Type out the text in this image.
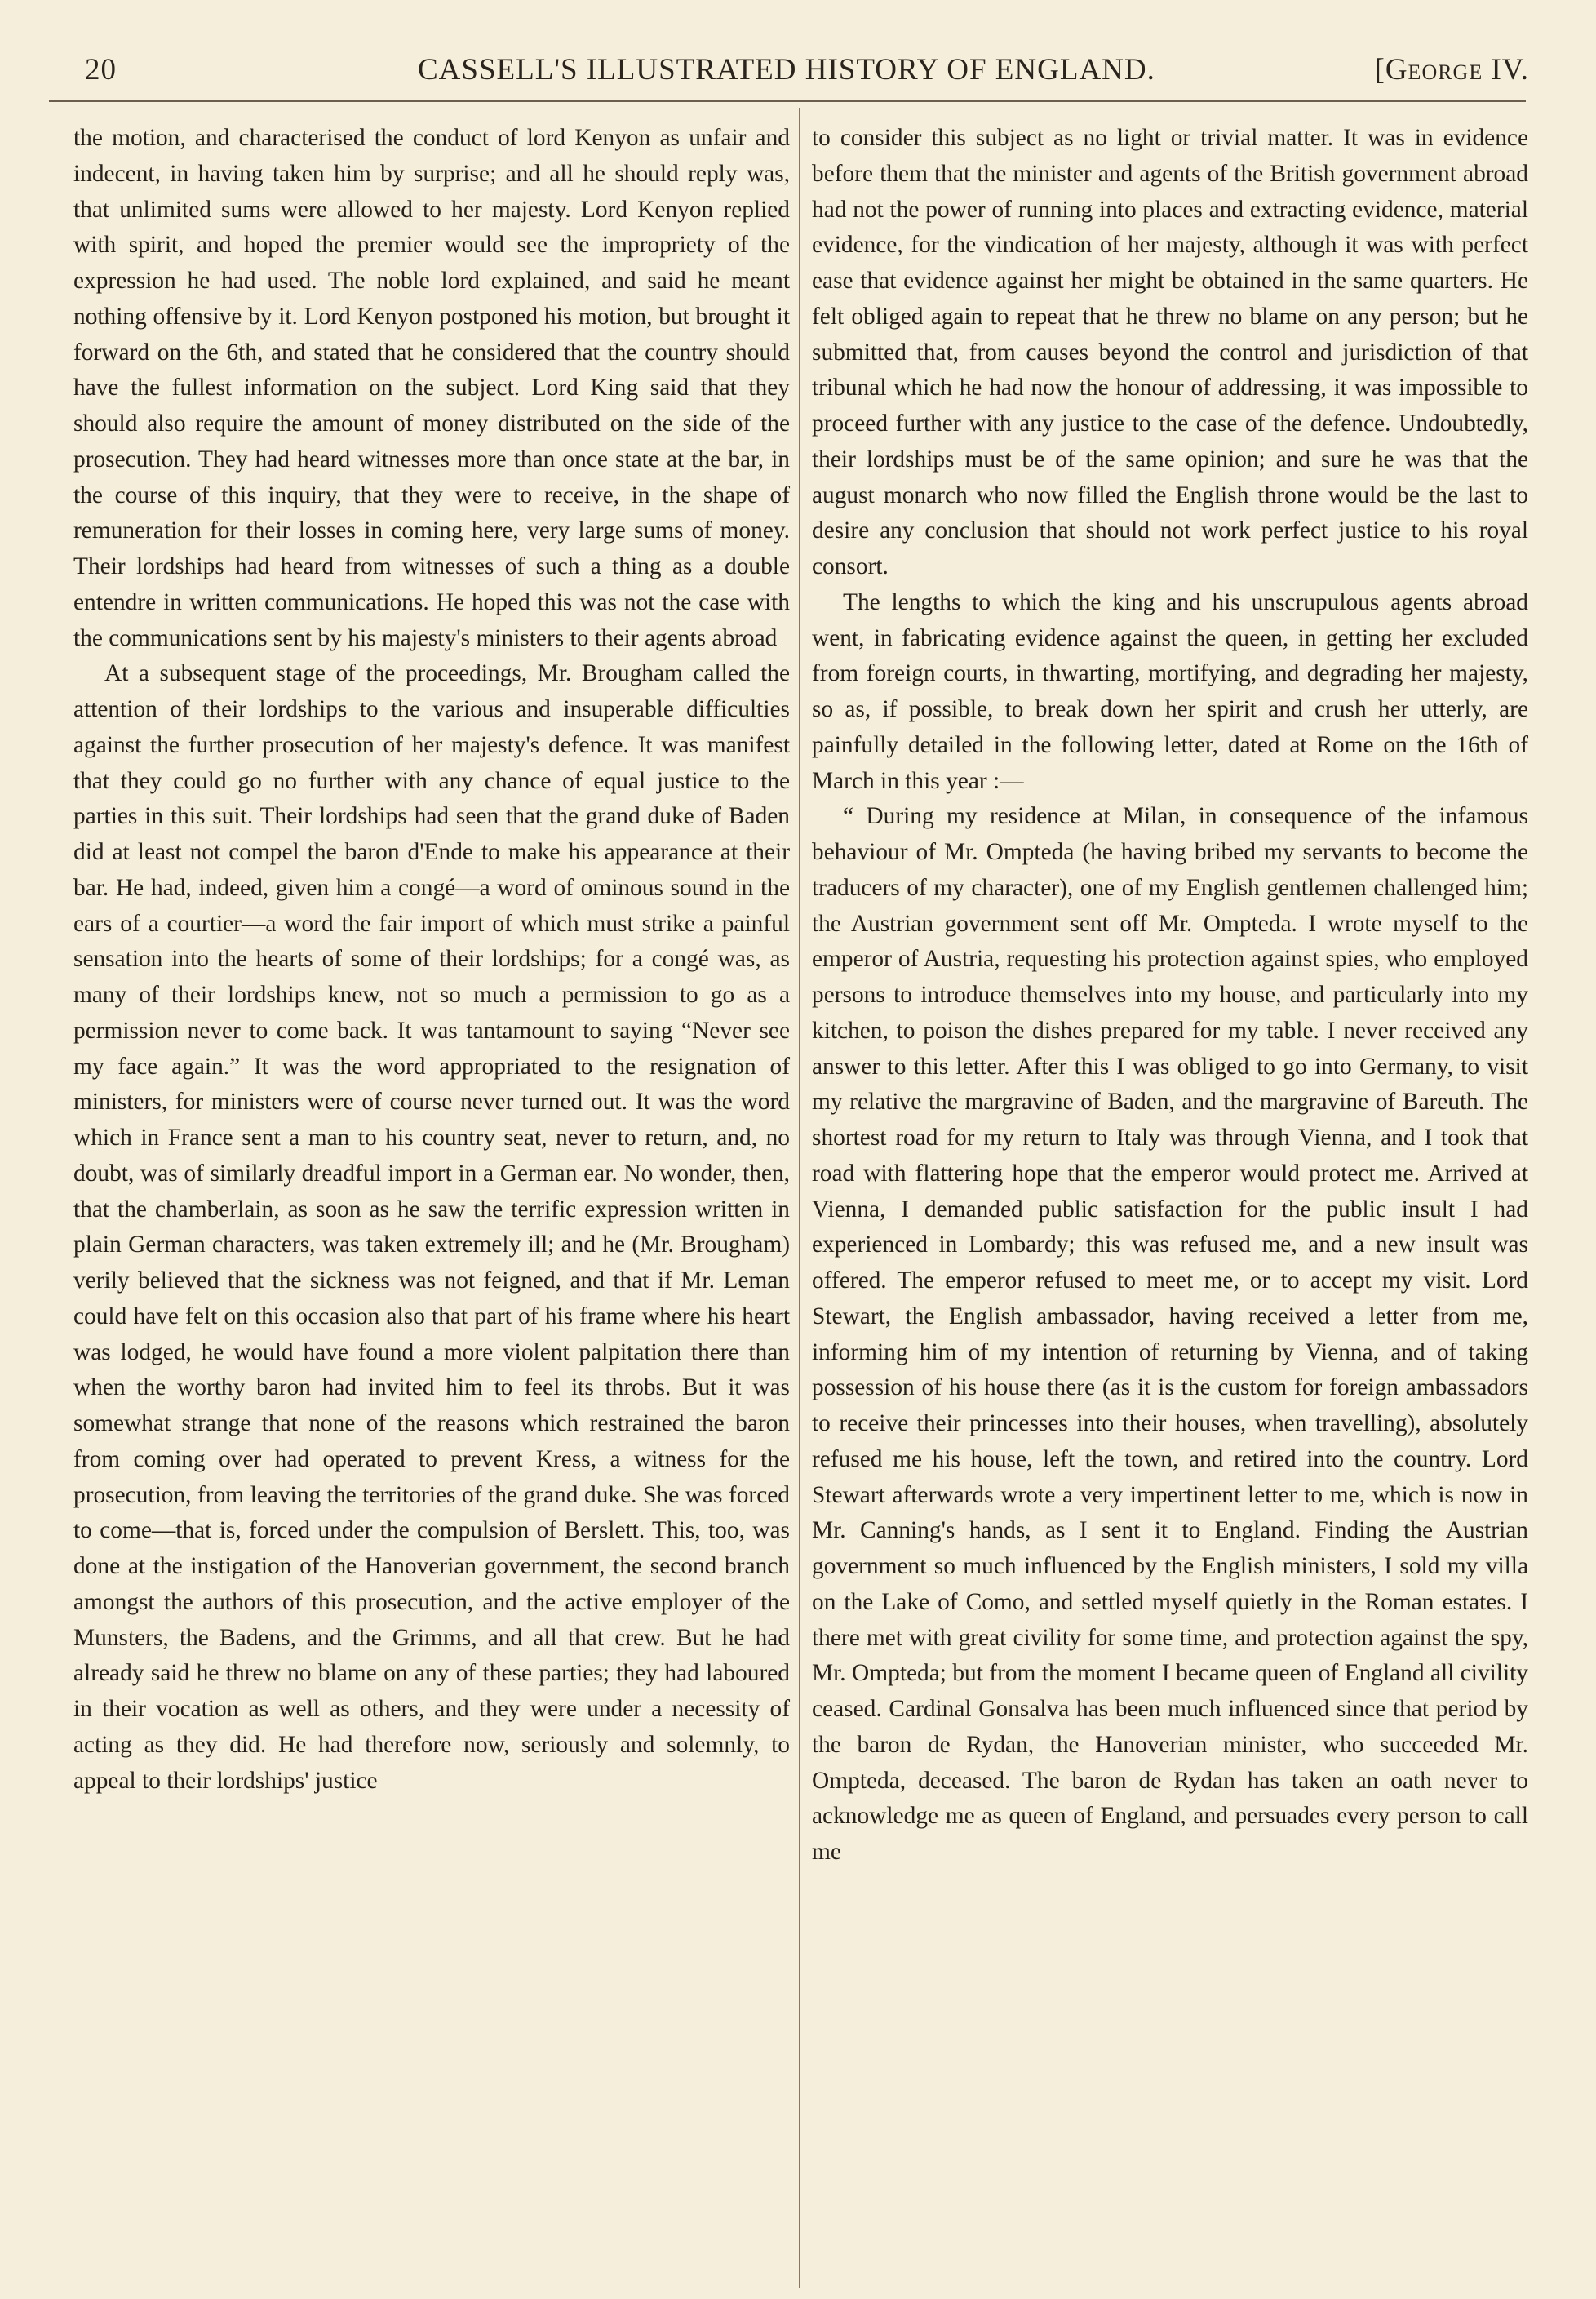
20	CASSELL'S ILLUSTRATED HISTORY OF ENGLAND.	[George IV.

the motion, and characterised the conduct of lord Kenyon as unfair and indecent, in having taken him by surprise; and all he should reply was, that unlimited sums were allowed to her majesty. Lord Kenyon replied with spirit, and hoped the premier would see the impropriety of the expression he had used. The noble lord explained, and said he meant nothing offensive by it. Lord Kenyon postponed his motion, but brought it forward on the 6th, and stated that he considered that the country should have the fullest information on the subject. Lord King said that they should also require the amount of money distributed on the side of the prosecution. They had heard witnesses more than once state at the bar, in the course of this inquiry, that they were to receive, in the shape of remuneration for their losses in coming here, very large sums of money. Their lordships had heard from witnesses of such a thing as a double entendre in written communications. He hoped this was not the case with the communications sent by his majesty's ministers to their agents abroad

At a subsequent stage of the proceedings, Mr. Brougham called the attention of their lordships to the various and insuperable difficulties against the further prosecution of her majesty's defence. It was manifest that they could go no further with any chance of equal justice to the parties in this suit. Their lordships had seen that the grand duke of Baden did at least not compel the baron d'Ende to make his appearance at their bar. He had, indeed, given him a congé—a word of ominous sound in the ears of a courtier—a word the fair import of which must strike a painful sensation into the hearts of some of their lordships; for a congé was, as many of their lordships knew, not so much a permission to go as a permission never to come back. It was tantamount to saying “Never see my face again.” It was the word appropriated to the resignation of ministers, for ministers were of course never turned out. It was the word which in France sent a man to his country seat, never to return, and, no doubt, was of similarly dreadful import in a German ear. No wonder, then, that the chamberlain, as soon as he saw the terrific expression written in plain German characters, was taken extremely ill; and he (Mr. Brougham) verily believed that the sickness was not feigned, and that if Mr. Leman could have felt on this occasion also that part of his frame where his heart was lodged, he would have found a more violent palpitation there than when the worthy baron had invited him to feel its throbs. But it was somewhat strange that none of the reasons which restrained the baron from coming over had operated to prevent Kress, a witness for the prosecution, from leaving the territories of the grand duke. She was forced to come—that is, forced under the compulsion of Berslett. This, too, was done at the instigation of the Hanoverian government, the second branch amongst the authors of this prosecution, and the active employer of the Munsters, the Badens, and the Grimms, and all that crew. But he had already said he threw no blame on any of these parties; they had laboured in their vocation as well as others, and they were under a necessity of acting as they did. He had therefore now, seriously and solemnly, to appeal to their lordships' justice

to consider this subject as no light or trivial matter. It was in evidence before them that the minister and agents of the British government abroad had not the power of running into places and extracting evidence, material evidence, for the vindication of her majesty, although it was with perfect ease that evidence against her might be obtained in the same quarters. He felt obliged again to repeat that he threw no blame on any person; but he submitted that, from causes beyond the control and jurisdiction of that tribunal which he had now the honour of addressing, it was impossible to proceed further with any justice to the case of the defence. Undoubtedly, their lordships must be of the same opinion; and sure he was that the august monarch who now filled the English throne would be the last to desire any conclusion that should not work perfect justice to his royal consort.

The lengths to which the king and his unscrupulous agents abroad went, in fabricating evidence against the queen, in getting her excluded from foreign courts, in thwarting, mortifying, and degrading her majesty, so as, if possible, to break down her spirit and crush her utterly, are painfully detailed in the following letter, dated at Rome on the 16th of March in this year :—

“ During my residence at Milan, in consequence of the infamous behaviour of Mr. Ompteda (he having bribed my servants to become the traducers of my character), one of my English gentlemen challenged him; the Austrian government sent off Mr. Ompteda. I wrote myself to the emperor of Austria, requesting his protection against spies, who employed persons to introduce themselves into my house, and particularly into my kitchen, to poison the dishes prepared for my table. I never received any answer to this letter. After this I was obliged to go into Germany, to visit my relative the margravine of Baden, and the margravine of Bareuth. The shortest road for my return to Italy was through Vienna, and I took that road with flattering hope that the emperor would protect me. Arrived at Vienna, I demanded public satisfaction for the public insult I had experienced in Lombardy; this was refused me, and a new insult was offered. The emperor refused to meet me, or to accept my visit. Lord Stewart, the English ambassador, having received a letter from me, informing him of my intention of returning by Vienna, and of taking possession of his house there (as it is the custom for foreign ambassadors to receive their princesses into their houses, when travelling), absolutely refused me his house, left the town, and retired into the country. Lord Stewart afterwards wrote a very impertinent letter to me, which is now in Mr. Canning's hands, as I sent it to England. Finding the Austrian government so much influenced by the English ministers, I sold my villa on the Lake of Como, and settled myself quietly in the Roman estates. I there met with great civility for some time, and protection against the spy, Mr. Ompteda; but from the moment I became queen of England all civility ceased. Cardinal Gonsalva has been much influenced since that period by the baron de Rydan, the Hanoverian minister, who succeeded Mr. Ompteda, deceased. The baron de Rydan has taken an oath never to acknowledge me as queen of England, and persuades every person to call me
